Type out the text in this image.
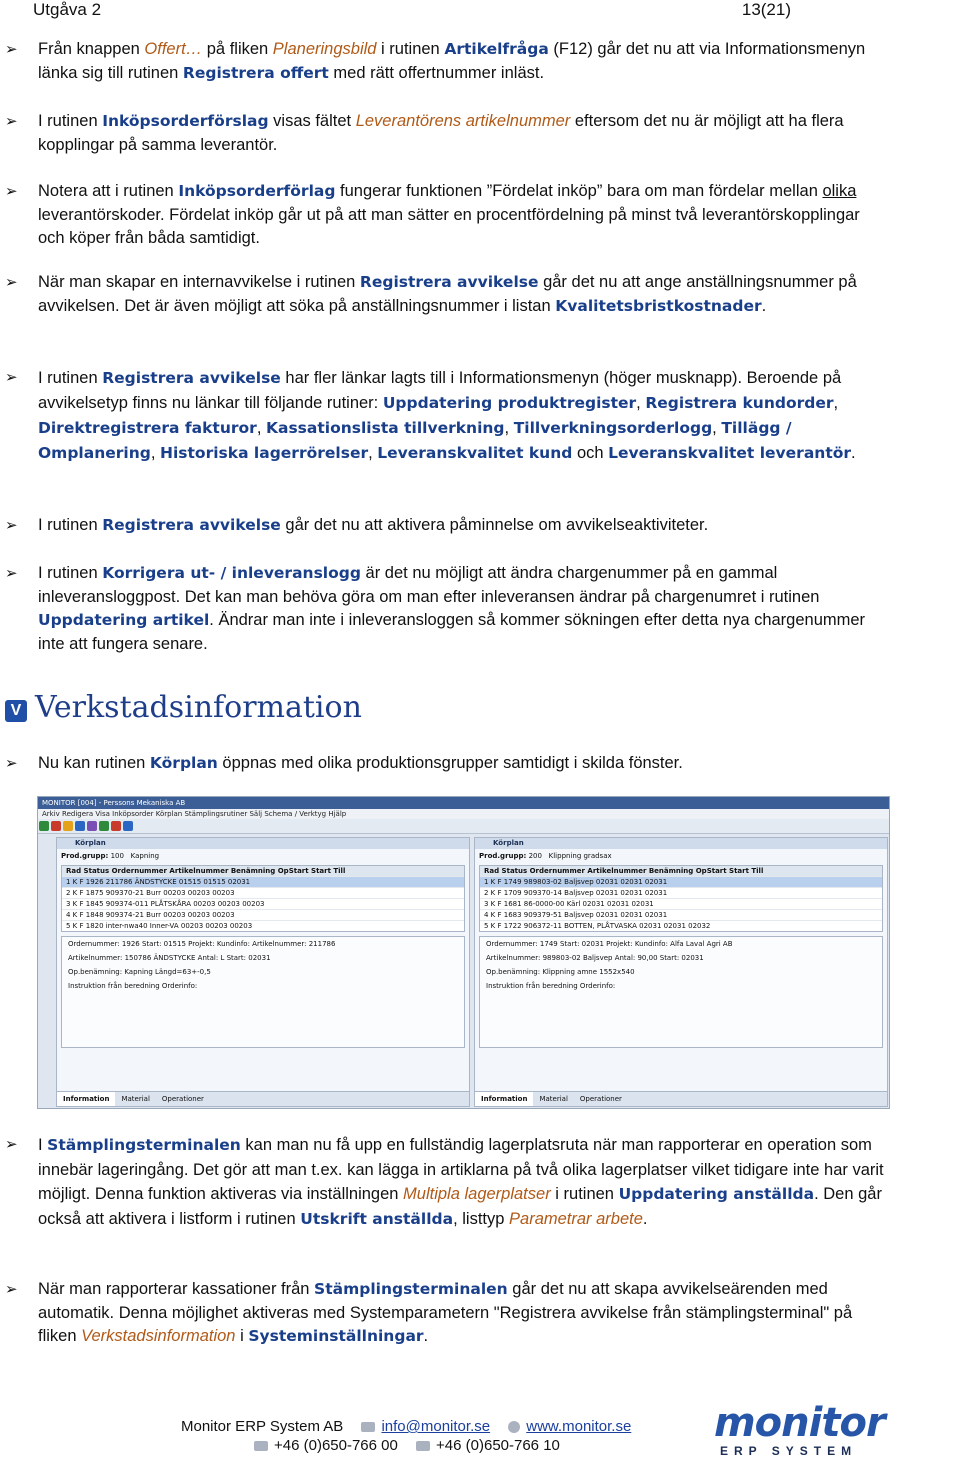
Utgåva 2	13(21)
➢	Från knappen Offert… på fliken Planeringsbild i rutinen Artikelfråga (F12) går det nu att via Informationsmenyn länka sig till rutinen Registrera offert med rätt offertnummer inläst.
➢	I rutinen Inköpsorderförslag visas fältet Leverantörens artikelnummer eftersom det nu är möjligt att ha flera kopplingar på samma leverantör.
➢	Notera att i rutinen Inköpsorderförlag fungerar funktionen ”Fördelat inköp” bara om man fördelar mellan olika leverantörskoder. Fördelat inköp går ut på att man sätter en procentfördelning på minst två leverantörskopplingar och köper från båda samtidigt.
➢	När man skapar en internavvikelse i rutinen Registrera avvikelse går det nu att ange anställningsnummer på avvikelsen. Det är även möjligt att söka på anställningsnummer i listan Kvalitetsbristkostnader.
➢	I rutinen Registrera avvikelse har fler länkar lagts till i Informationsmenyn (höger musknapp). Beroende på avvikelsetyp finns nu länkar till följande rutiner: Uppdatering produktregister, Registrera kundorder, Direktregistrera fakturor, Kassationslista tillverkning, Tillverkningsorderlogg, Tillägg / Omplanering, Historiska lagerrörelser, Leveranskvalitet kund och Leveranskvalitet leverantör.
➢	I rutinen Registrera avvikelse går det nu att aktivera påminnelse om avvikelseaktiviteter.
➢	I rutinen Korrigera ut- / inleveranslogg är det nu möjligt att ändra chargenummer på en gammal inleveransloggpost. Det kan man behöva göra om man efter inleveransen ändrar på chargenumret i rutinen Uppdatering artikel. Ändrar man inte i inleveransloggen så kommer sökningen efter detta nya chargenummer inte att fungera senare.
V Verkstadsinformation
➢	Nu kan rutinen Körplan öppnas med olika produktionsgrupper samtidigt i skilda fönster.
MONITOR [004] - Perssons Mekaniska AB
Arkiv Redigera Visa Inköpsorder Körplan Stämplingsrutiner Sälj Schema / Verktyg Hjälp
Körplan
Prod.grupp: 100 Kapning
Rad Status Ordernummer Artikelnummer Benämning OpStart Start Till
1 K F 1926 211786 ÄNDSTYCKE 01515 01515 02031
2 K F 1875 909370-21 Burr 00203 00203 00203
3 K F 1845 909374-011 PLÅTSKÅRA 00203 00203 00203
4 K F 1848 909374-21 Burr 00203 00203 00203
5 K F 1820 inter-nwa40 Inner-VA 00203 00203 00203
Ordernummer: 1926 Start: 01515 Projekt: Kundinfo: Artikelnummer: 211786
Artikelnummer: 150786 ÄNDSTYCKE Antal: L Start: 02031
Op.benämning: Kapning Längd=63+-0,5
Instruktion från beredning Orderinfo:
Information Material Operationer
Körplan
Prod.grupp: 200 Klippning gradsax
Rad Status Ordernummer Artikelnummer Benämning OpStart Start Till
1 K F 1749 989803-02 Baljsvep 02031 02031 02031
2 K F 1709 909370-14 Baljsvep 02031 02031 02031
3 K F 1681 86-0000-00 Kärl 02031 02031 02031
4 K F 1683 909379-51 Baljsvep 02031 02031 02031
5 K F 1722 906372-11 BOTTEN, PLÅTVASKA 02031 02031 02032
Ordernummer: 1749 Start: 02031 Projekt: Kundinfo: Alfa Laval Agri AB
Artikelnummer: 989803-02 Baljsvep Antal: 90,00 Start: 02031
Op.benämning: Klippning amne 1552x540
Instruktion från beredning Orderinfo:
Information Material Operationer
➢	I Stämplingsterminalen kan man nu få upp en fullständig lagerplatsruta när man rapporterar en operation som innebär lageringång. Det gör att man t.ex. kan lägga in artiklarna på två olika lagerplatser vilket tidigare inte har varit möjligt. Denna funktion aktiveras via inställningen Multipla lagerplatser i rutinen Uppdatering anställda. Den går också att aktivera i listform i rutinen Utskrift anställda, listtyp Parametrar arbete.
➢	När man rapporterar kassationer från Stämplingsterminalen går det nu att skapa avvikelseärenden med automatik. Denna möjlighet aktiveras med Systemparametern "Registrera avvikelse från stämplingsterminal" på fliken Verkstadsinformation i Systeminställningar.
Monitor ERP System AB	info@monitor.se www.monitor.se
+46 (0)650-766 00	+46 (0)650-766 10	monitor
ERP SYSTEM
